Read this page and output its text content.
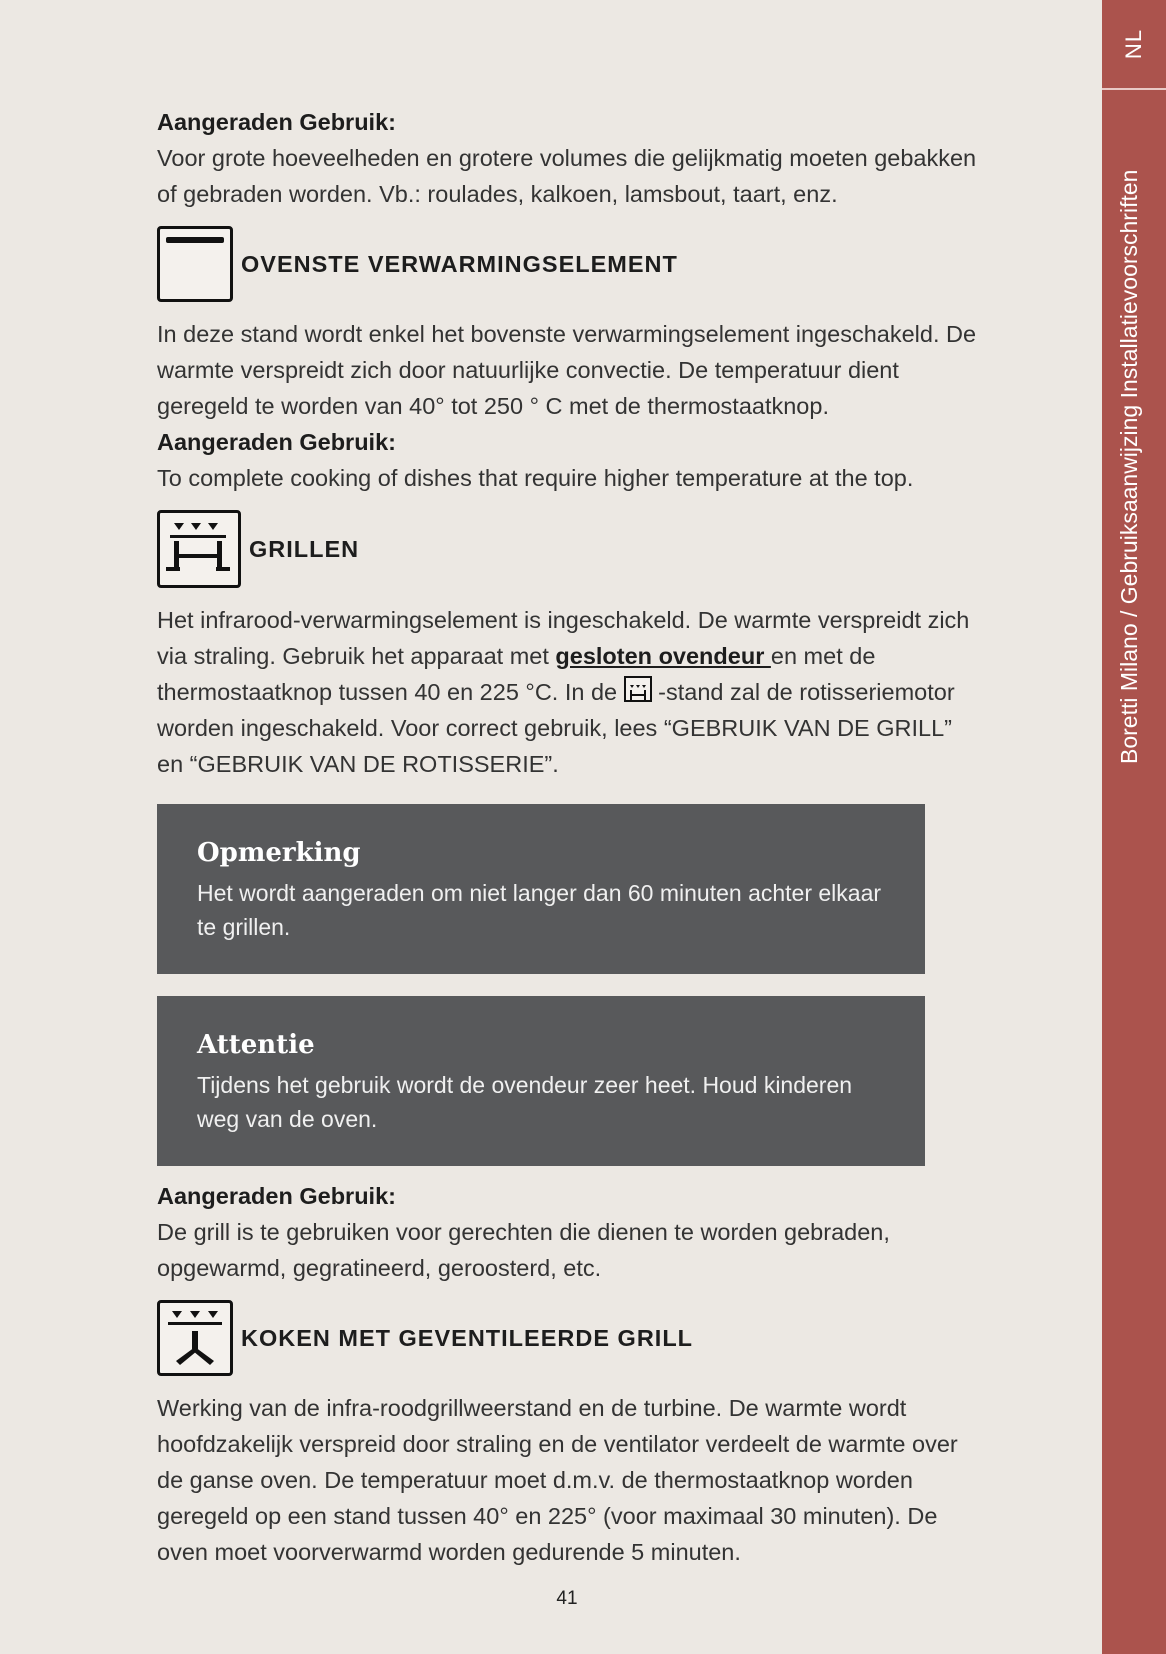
NL
Boretti Milano / Gebruiksaanwijzing Installatievoorschriften

Aangeraden Gebruik:

Voor grote hoeveelheden en grotere volumes die gelijkmatig moeten gebakken of gebraden worden. Vb.: roulades, kalkoen, lamsbout, taart, enz.

OVENSTE VERWARMINGSELEMENT

In deze stand wordt enkel het bovenste verwarmingselement ingeschakeld. De warmte verspreidt zich door natuurlijke convectie. De temperatuur dient geregeld te worden van 40° tot 250 ° C met de thermostaatknop.

Aangeraden Gebruik:

To complete cooking of dishes that require higher temperature at the top.

GRILLEN

Het infrarood-verwarmingselement is ingeschakeld. De warmte verspreidt zich via straling. Gebruik het apparaat met gesloten ovendeur en met de thermostaatknop tussen 40 en 225 °C. In de  -stand zal de rotisseriemotor worden ingeschakeld. Voor correct gebruik, lees “GEBRUIK VAN DE GRILL” en “GEBRUIK VAN DE ROTISSERIE”.

Opmerking

Het wordt aangeraden om niet langer dan 60 minuten achter elkaar te grillen.

Attentie

Tijdens het gebruik wordt de ovendeur zeer heet. Houd kinderen weg van de oven.

Aangeraden Gebruik:

De grill is te gebruiken voor gerechten die dienen te worden gebraden, opgewarmd, gegratineerd, geroosterd, etc.

KOKEN MET GEVENTILEERDE GRILL

Werking van de infra-roodgrillweerstand en de turbine. De warmte wordt hoofdzakelijk verspreid door straling en de ventilator verdeelt de warmte over de ganse oven. De temperatuur moet d.m.v. de thermostaatknop worden geregeld op een stand tussen 40° en 225° (voor maximaal 30 minuten). De oven moet voorverwarmd worden gedurende 5 minuten.

41
